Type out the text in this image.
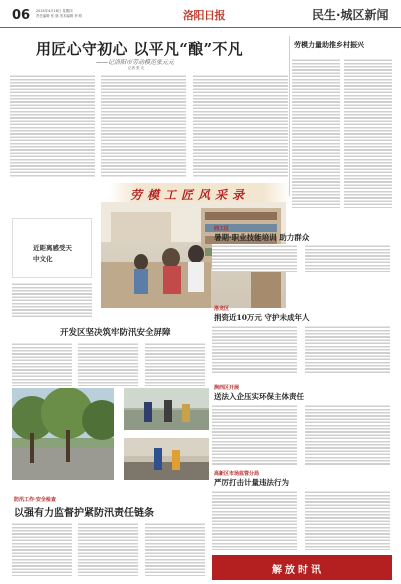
06 2024年4月18日 星期四
责任编辑 张 旗 美术编辑 李 明	洛阳日报	民生·城区新闻
用匠心守初心 以平凡“酿”不凡
——记洛阳市劳动模范张元元
记者 张 元
劳模工匠风采录
近距离感受天中文化
劳模力量助推乡村振兴
西工区
暑期·职业技能培训 助力群众
洛龙区
捐资近10万元 守护未成年人
开发区坚决筑牢防汛安全屏障
涧西区开展
送法入企压实环保主体责任
高新区市场监管分局
严厉打击计量违法行为
防汛工作·安全检查
以强有力监督护紧防汛责任链条
解放时讯
